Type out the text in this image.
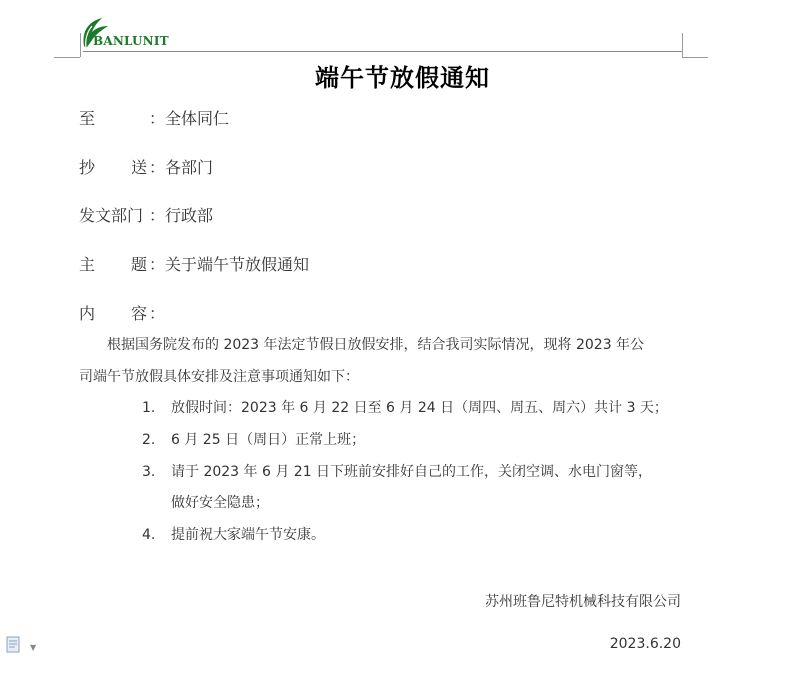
BANLUNIT
端午节放假通知
至	：全体同仁
抄 送 ：各部门
发文部门 ：行政部
主 题 ：关于端午节放假通知
内 容 ：
根据国务院发布的 2023 年法定节假日放假安排，结合我司实际情况，现将 2023 年公
司端午节放假具体安排及注意事项通知如下：
1. 放假时间：2023 年 6 月 22 日至 6 月 24 日（周四、周五、周六）共计 3 天；
2. 6 月 25 日（周日）正常上班；
3. 请于 2023 年 6 月 21 日下班前安排好自己的工作，关闭空调、水电门窗等，
做好安全隐患；
4. 提前祝大家端午节安康。
苏州班鲁尼特机械科技有限公司
2023.6.20
▼
